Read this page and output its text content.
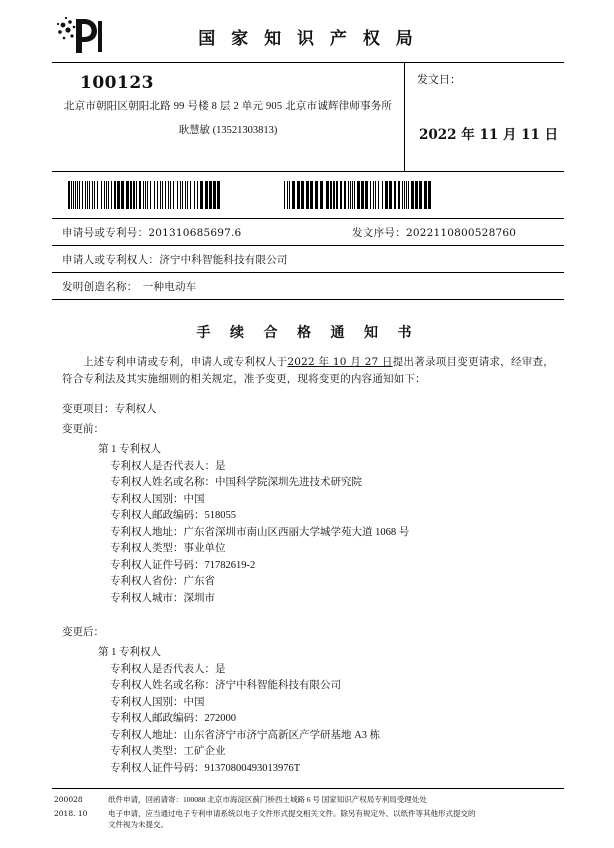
国 家 知 识 产 权 局
100123
北京市朝阳区朝阳北路 99 号楼 8 层 2 单元 905 北京市诚辉律师事务所
耿慧敏 (13521303813)
发文日：
2022 年 11 月 11 日
申请号或专利号：201310685697.6	发文序号：2022110800528760
申请人或专利权人：济宁中科智能科技有限公司
发明创造名称： 一种电动车
手 续 合 格 通 知 书
上述专利申请或专利，申请人或专利权人于2022 年 10 月 27 日提出著录项目变更请求，经审查，符合专利法及其实施细则的相关规定，准予变更，现将变更的内容通知如下：
变更项目：专利权人
变更前：
第 1 专利权人
专利权人是否代表人：是
专利权人姓名或名称：中国科学院深圳先进技术研究院
专利权人国别：中国
专利权人邮政编码：518055
专利权人地址：广东省深圳市南山区西丽大学城学苑大道 1068 号
专利权人类型：事业单位
专利权人证件号码：71782619-2
专利权人省份：广东省
专利权人城市：深圳市
变更后：
第 1 专利权人
专利权人是否代表人：是
专利权人姓名或名称：济宁中科智能科技有限公司
专利权人国别：中国
专利权人邮政编码：272000
专利权人地址：山东省济宁市济宁高新区产学研基地 A3 栋
专利权人类型：工矿企业
专利权人证件号码：91370800493013976T
200028	纸件申请，回函请寄：100088 北京市海淀区蓟门桥西土城路 6 号 国家知识产权局专利局受理处处
2018. 10	电子申请，应当通过电子专利申请系统以电子文件形式提交相关文件。除另有规定外、以纸件等其他形式提交的
文件视为未提交。
